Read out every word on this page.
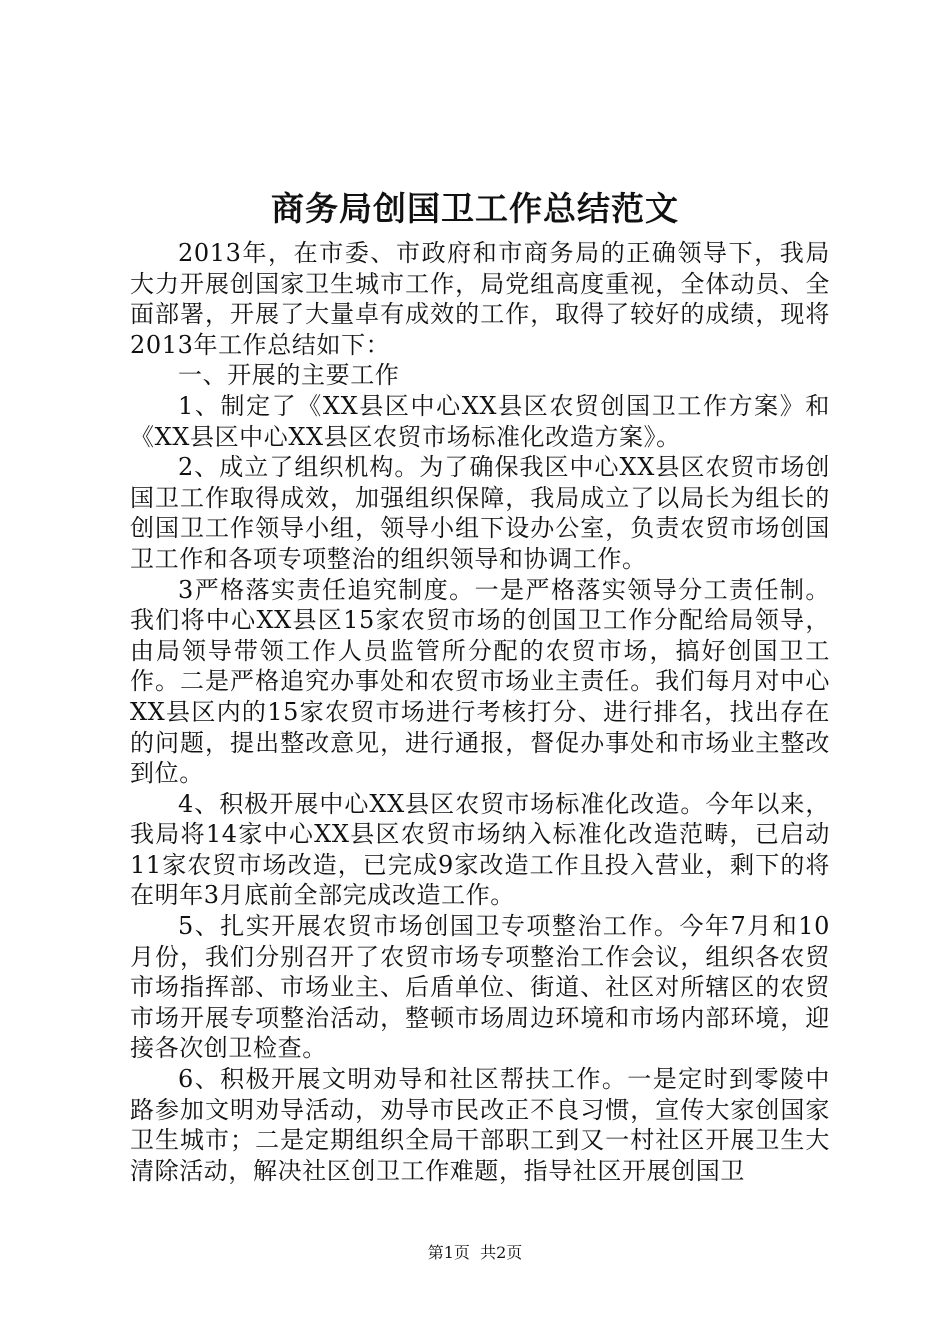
商务局创国卫工作总结范文

2013年，在市委、市政府和市商务局的正确领导下，我局大力开展创国家卫生城市工作，局党组高度重视，全体动员、全面部署，开展了大量卓有成效的工作，取得了较好的成绩，现将2013年工作总结如下：

一、开展的主要工作

1、制定了《XX县区中心XX县区农贸创国卫工作方案》和《XX县区中心XX县区农贸市场标准化改造方案》。

2、成立了组织机构。为了确保我区中心XX县区农贸市场创国卫工作取得成效，加强组织保障，我局成立了以局长为组长的创国卫工作领导小组，领导小组下设办公室，负责农贸市场创国卫工作和各项专项整治的组织领导和协调工作。

3严格落实责任追究制度。一是严格落实领导分工责任制。我们将中心XX县区15家农贸市场的创国卫工作分配给局领导，由局领导带领工作人员监管所分配的农贸市场，搞好创国卫工作。二是严格追究办事处和农贸市场业主责任。我们每月对中心XX县区内的15家农贸市场进行考核打分、进行排名，找出存在的问题，提出整改意见，进行通报，督促办事处和市场业主整改到位。

4、积极开展中心XX县区农贸市场标准化改造。今年以来，我局将14家中心XX县区农贸市场纳入标准化改造范畴，已启动11家农贸市场改造，已完成9家改造工作且投入营业，剩下的将在明年3月底前全部完成改造工作。

5、扎实开展农贸市场创国卫专项整治工作。今年7月和10月份，我们分别召开了农贸市场专项整治工作会议，组织各农贸市场指挥部、市场业主、后盾单位、街道、社区对所辖区的农贸市场开展专项整治活动，整顿市场周边环境和市场内部环境，迎接各次创卫检查。

6、积极开展文明劝导和社区帮扶工作。一是定时到零陵中路参加文明劝导活动，劝导市民改正不良习惯，宣传大家创国家卫生城市；二是定期组织全局干部职工到又一村社区开展卫生大清除活动，解决社区创卫工作难题，指导社区开展创国卫

第1页 共2页
